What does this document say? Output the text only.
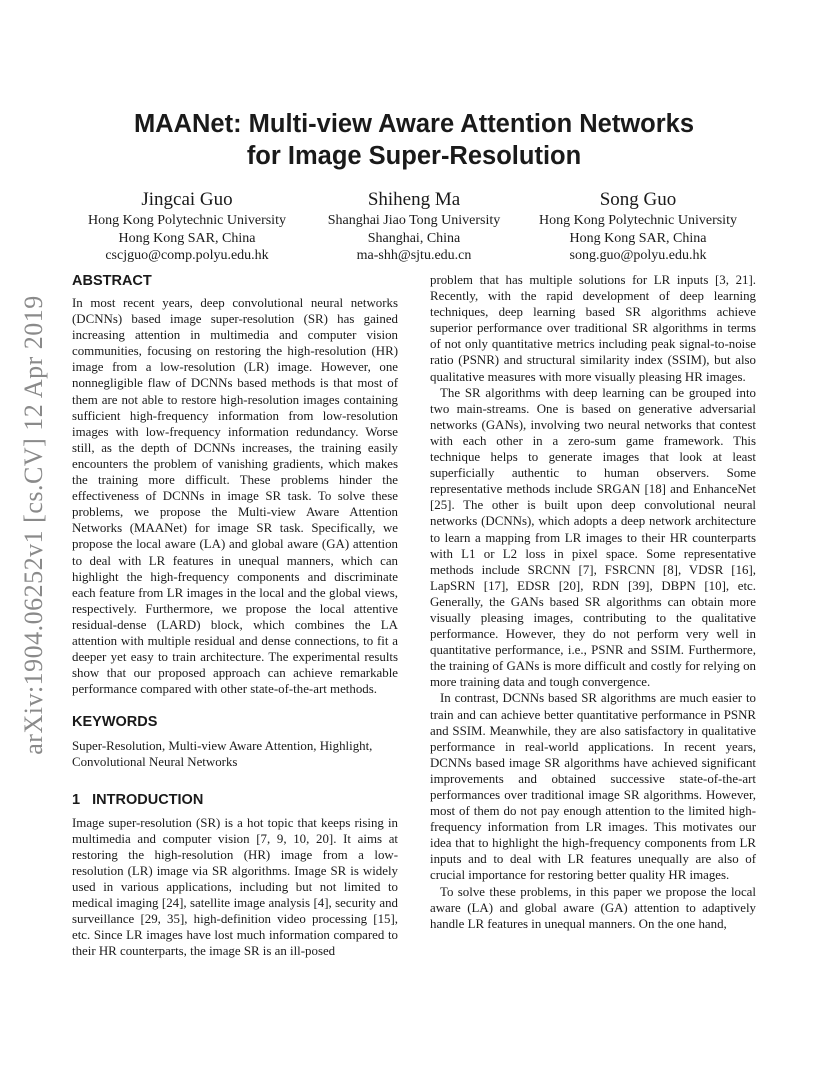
arXiv:1904.06252v1 [cs.CV] 12 Apr 2019
MAANet: Multi-view Aware Attention Networks
for Image Super-Resolution
Jingcai Guo
Hong Kong Polytechnic University
Hong Kong SAR, China
cscjguo@comp.polyu.edu.hk
Shiheng Ma
Shanghai Jiao Tong University
Shanghai, China
ma-shh@sjtu.edu.cn
Song Guo
Hong Kong Polytechnic University
Hong Kong SAR, China
song.guo@polyu.edu.hk
ABSTRACT

In most recent years, deep convolutional neural networks (DCNNs) based image super-resolution (SR) has gained increasing attention in multimedia and computer vision communities, focusing on restoring the high-resolution (HR) image from a low-resolution (LR) image. However, one nonnegligible flaw of DCNNs based methods is that most of them are not able to restore high-resolution images containing sufficient high-frequency information from low-resolution images with low-frequency information redundancy. Worse still, as the depth of DCNNs increases, the training easily encounters the problem of vanishing gradients, which makes the training more difficult. These problems hinder the effectiveness of DCNNs in image SR task. To solve these problems, we propose the Multi-view Aware Attention Networks (MAANet) for image SR task. Specifically, we propose the local aware (LA) and global aware (GA) attention to deal with LR features in unequal manners, which can highlight the high-frequency components and discriminate each feature from LR images in the local and the global views, respectively. Furthermore, we propose the local attentive residual-dense (LARD) block, which combines the LA attention with multiple residual and dense connections, to fit a deeper yet easy to train architecture. The experimental results show that our proposed approach can achieve remarkable performance compared with other state-of-the-art methods.

KEYWORDS

Super-Resolution, Multi-view Aware Attention, Highlight, Convolutional Neural Networks

1   INTRODUCTION

Image super-resolution (SR) is a hot topic that keeps rising in multimedia and computer vision [7, 9, 10, 20]. It aims at restoring the high-resolution (HR) image from a low-resolution (LR) image via SR algorithms. Image SR is widely used in various applications, including but not limited to medical imaging [24], satellite image analysis [4], security and surveillance [29, 35], high-definition video processing [15], etc. Since LR images have lost much information compared to their HR counterparts, the image SR is an ill-posed

problem that has multiple solutions for LR inputs [3, 21]. Recently, with the rapid development of deep learning techniques, deep learning based SR algorithms achieve superior performance over traditional SR algorithms in terms of not only quantitative metrics including peak signal-to-noise ratio (PSNR) and structural similarity index (SSIM), but also qualitative measures with more visually pleasing HR images.

The SR algorithms with deep learning can be grouped into two main-streams. One is based on generative adversarial networks (GANs), involving two neural networks that contest with each other in a zero-sum game framework. This technique helps to generate images that look at least superficially authentic to human observers. Some representative methods include SRGAN [18] and EnhanceNet [25]. The other is built upon deep convolutional neural networks (DCNNs), which adopts a deep network architecture to learn a mapping from LR images to their HR counterparts with L1 or L2 loss in pixel space. Some representative methods include SRCNN [7], FSRCNN [8], VDSR [16], LapSRN [17], EDSR [20], RDN [39], DBPN [10], etc. Generally, the GANs based SR algorithms can obtain more visually pleasing images, contributing to the qualitative performance. However, they do not perform very well in quantitative performance, i.e., PSNR and SSIM. Furthermore, the training of GANs is more difficult and costly for relying on more training data and tough convergence.

In contrast, DCNNs based SR algorithms are much easier to train and can achieve better quantitative performance in PSNR and SSIM. Meanwhile, they are also satisfactory in qualitative performance in real-world applications. In recent years, DCNNs based image SR algorithms have achieved significant improvements and obtained successive state-of-the-art performances over traditional image SR algorithms. However, most of them do not pay enough attention to the limited high-frequency information from LR images. This motivates our idea that to highlight the high-frequency components from LR inputs and to deal with LR features unequally are also of crucial importance for restoring better quality HR images.

To solve these problems, in this paper we propose the local aware (LA) and global aware (GA) attention to adaptively handle LR features in unequal manners. On the one hand,
